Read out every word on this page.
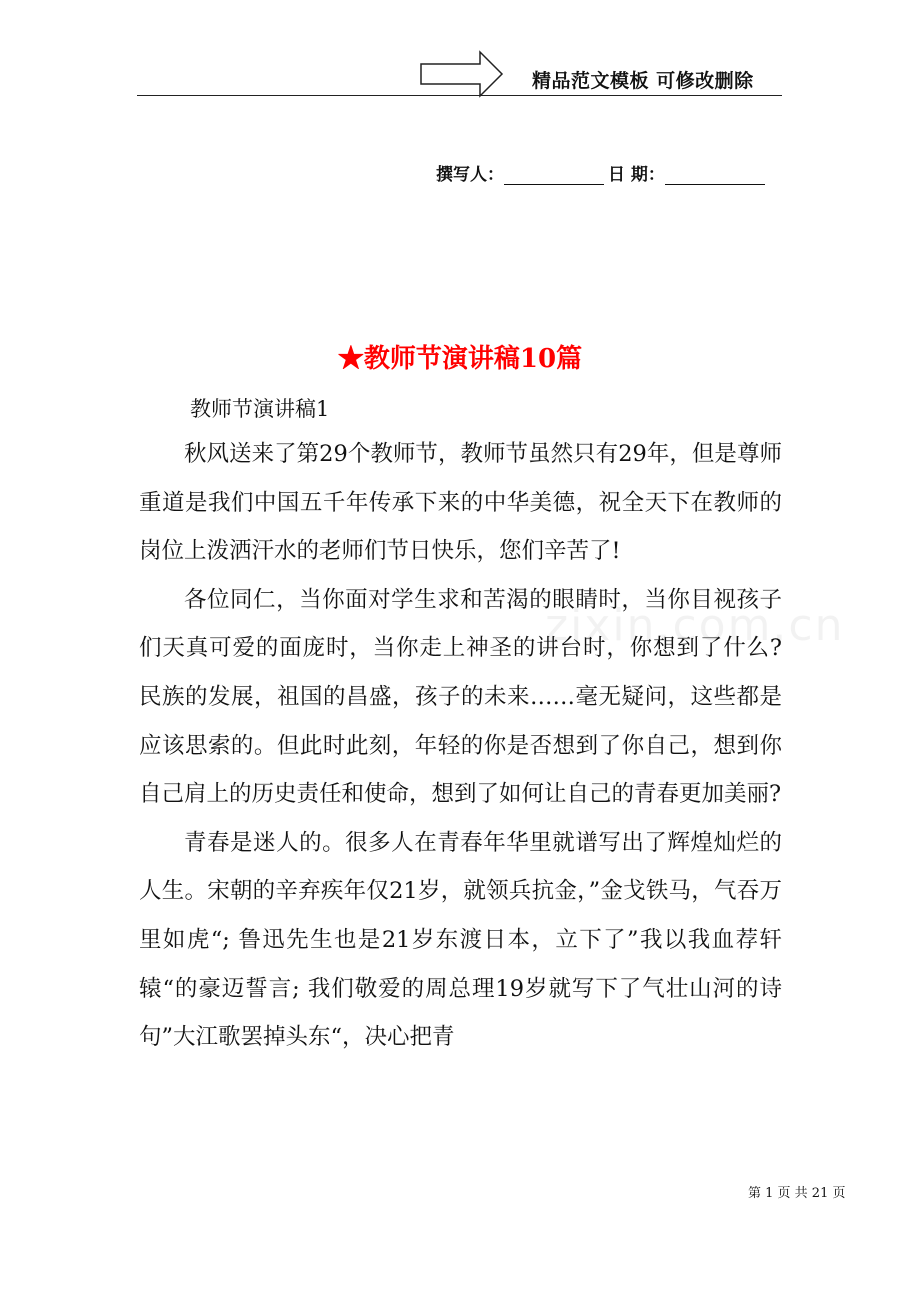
精品范文模板 可修改删除
撰写人：	日 期：
★教师节演讲稿10篇
教师节演讲稿1

秋风送来了第29个教师节，教师节虽然只有29年，但是尊师重道是我们中国五千年传承下来的中华美德，祝全天下在教师的岗位上泼洒汗水的老师们节日快乐，您们辛苦了!

各位同仁，当你面对学生求和苦渴的眼睛时，当你目视孩子们天真可爱的面庞时，当你走上神圣的讲台时，你想到了什么? 民族的发展，祖国的昌盛，孩子的未来……毫无疑问，这些都是应该思索的。但此时此刻，年轻的你是否想到了你自己，想到你自己肩上的历史责任和使命，想到了如何让自己的青春更加美丽?

青春是迷人的。很多人在青春年华里就谱写出了辉煌灿烂的人生。宋朝的辛弃疾年仅21岁，就领兵抗金，”金戈铁马，气吞万里如虎“; 鲁迅先生也是21岁东渡日本，立下了”我以我血荐轩辕“的豪迈誓言; 我们敬爱的周总理19岁就写下了气壮山河的诗句”大江歌罢掉头东“，决心把青

zixin.com.cn
第 1 页 共 21 页
